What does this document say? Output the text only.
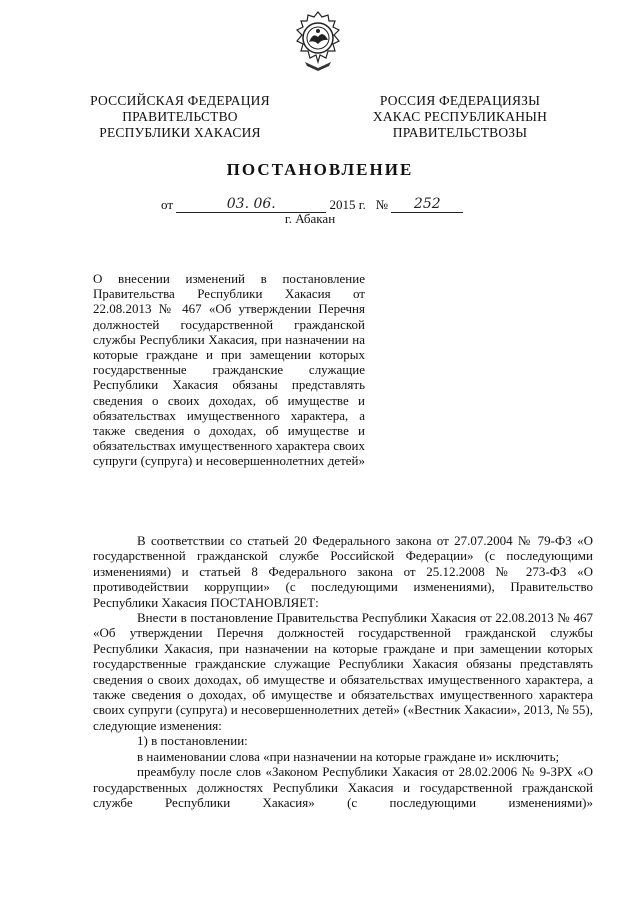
РОССИЙСКАЯ ФЕДЕРАЦИЯ
ПРАВИТЕЛЬСТВО
РЕСПУБЛИКИ ХАКАСИЯ
РОССИЯ ФЕДЕРАЦИЯЗЫ
ХАКАС РЕСПУБЛИКАНЫН
ПРАВИТЕЛЬСТВОЗЫ
ПОСТАНОВЛЕНИЕ
от	03. 06.	2015 г. № 252
г. Абакан
О внесении изменений в постановление Правительства Республики Хакасия от 22.08.2013 № 467 «Об утверждении Перечня должностей государственной гражданской службы Республики Хакасия, при назначении на которые граждане и при замещении которых государственные гражданские служащие Республики Хакасия обязаны представлять сведения о своих доходах, об имуществе и обязательствах имущественного характера, а также сведения о доходах, об имуществе и обязательствах имущественного характера своих супруги (супруга) и несовершеннолетних детей»

В соответствии со статьей 20 Федерального закона от 27.07.2004 № 79-ФЗ «О государственной гражданской службе Российской Федерации» (с последующими изменениями) и статьей 8 Федерального закона от 25.12.2008 № 273-ФЗ «О противодействии коррупции» (с последующими изменениями), Правительство Республики Хакасия ПОСТАНОВЛЯЕТ:

Внести в постановление Правительства Республики Хакасия от 22.08.2013 № 467 «Об утверждении Перечня должностей государственной гражданской службы Республики Хакасия, при назначении на которые граждане и при замещении которых государственные гражданские служащие Республики Хакасия обязаны представлять сведения о своих доходах, об имуществе и обязательствах имущественного характера, а также сведения о доходах, об имуществе и обязательствах имущественного характера своих супруги (супруга) и несовершеннолетних детей» («Вестник Хакасии», 2013, № 55), следующие изменения:

1) в постановлении:

в наименовании слова «при назначении на которые граждане и» исключить;

преамбулу после слов «Законом Республики Хакасия от 28.02.2006 № 9-ЗРХ «О государственных должностях Республики Хакасия и государственной гражданской службе Республики Хакасия» (с последующими изменениями)»
